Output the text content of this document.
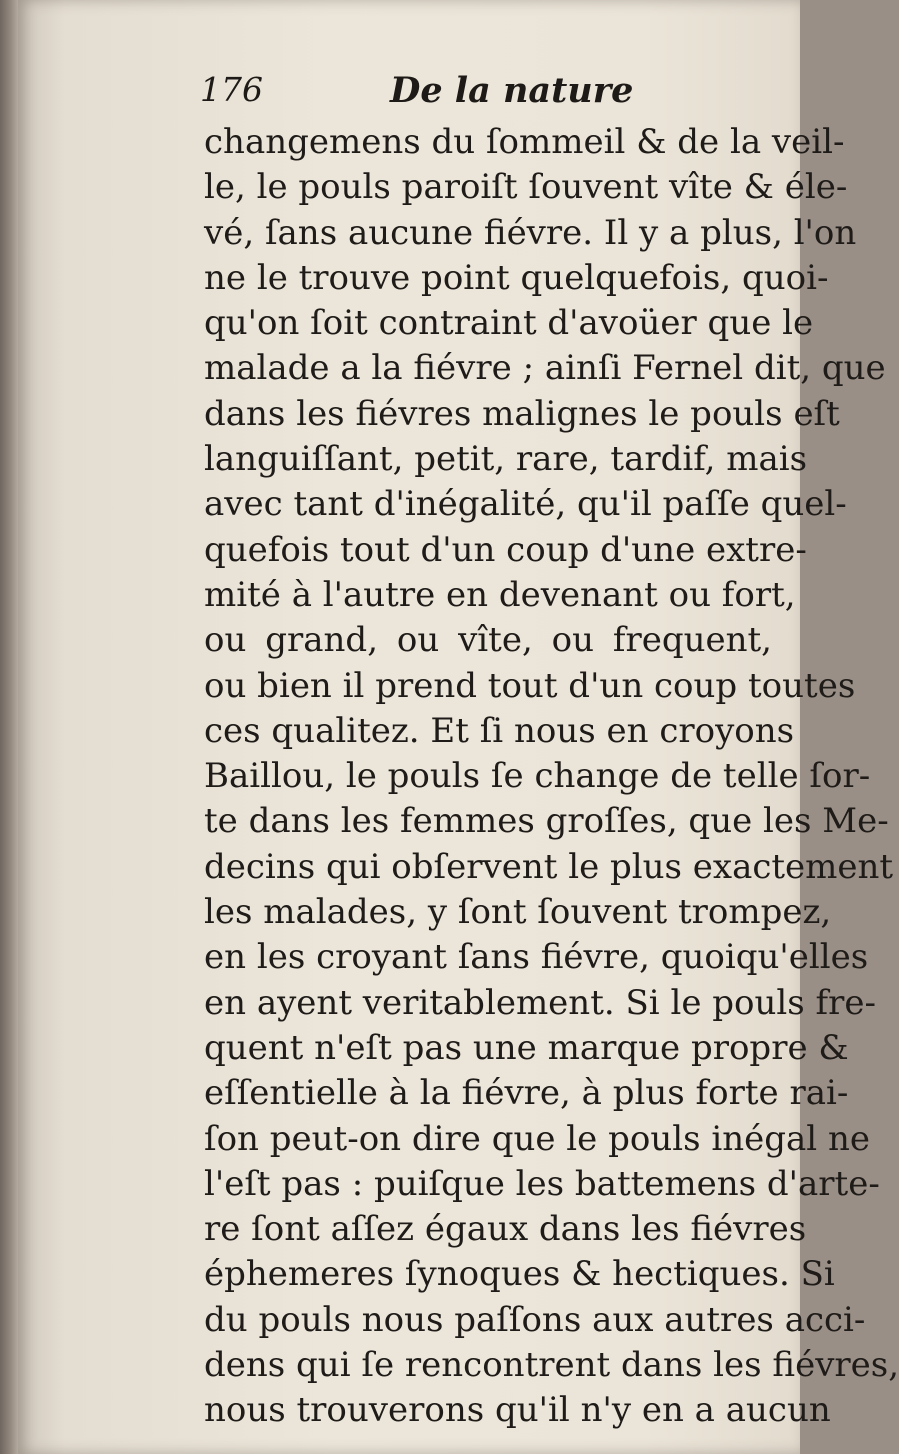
176	De la nature
changemens du ſommeil & de la veil-
le, le pouls paroiſt ſouvent vîte & éle-
vé, ſans aucune fiévre. Il y a plus, l'on
ne le trouve point quelquefois, quoi-
qu'on ſoit contraint d'avoüer que le
malade a la fiévre ; ainſi Fernel dit, que
dans les fiévres malignes le pouls eſt
languiſſant, petit, rare, tardif, mais
avec tant d'inégalité, qu'il paſſe quel-
quefois tout d'un coup d'une extre-
mité à l'autre en devenant ou fort,
ou grand, ou vîte, ou frequent,
ou bien il prend tout d'un coup toutes
ces qualitez. Et ſi nous en croyons
Baillou, le pouls ſe change de telle ſor-
te dans les femmes groſſes, que les Me-
decins qui obſervent le plus exactement
les malades, y ſont ſouvent trompez,
en les croyant ſans fiévre, quoiqu'elles
en ayent veritablement. Si le pouls fre-
quent n'eſt pas une marque propre &
eſſentielle à la fiévre, à plus forte rai-
ſon peut-on dire que le pouls inégal ne
l'eſt pas : puiſque les battemens d'arte-
re ſont aſſez égaux dans les fiévres
éphemeres ſynoques & hectiques. Si
du pouls nous paſſons aux autres acci-
dens qui ſe rencontrent dans les fiévres,
nous trouverons qu'il n'y en a aucun
